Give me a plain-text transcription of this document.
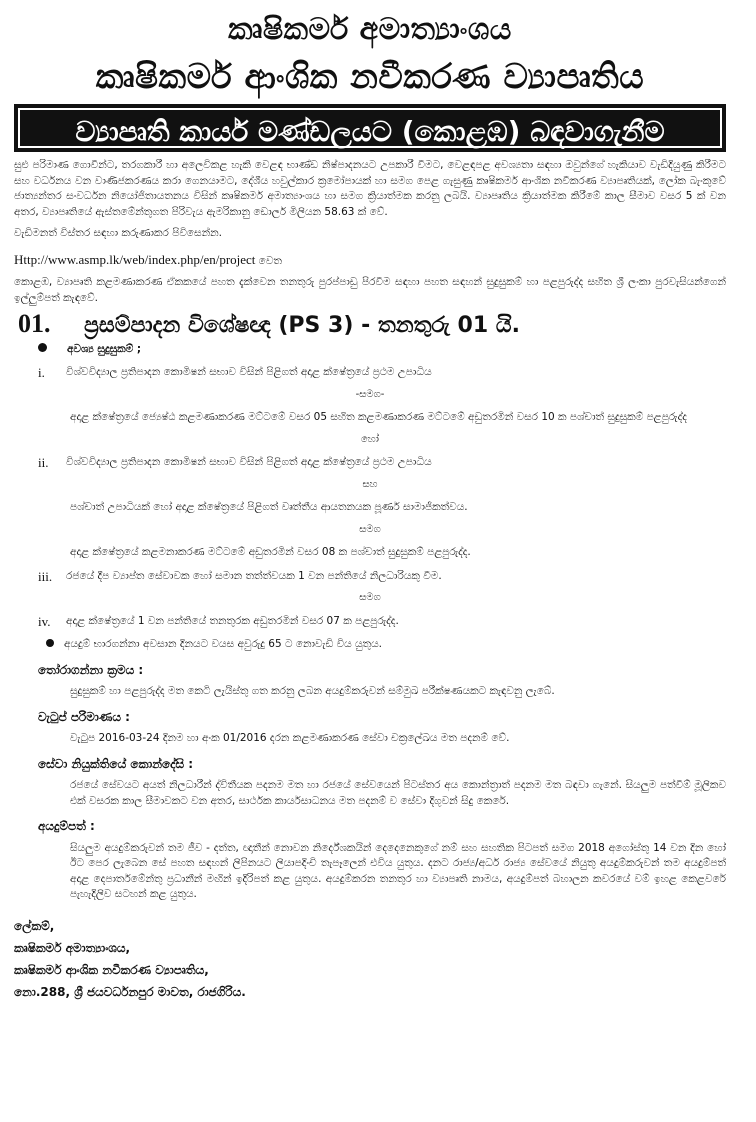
කෘෂිකර්ම අමාත්‍යාංශය
කෘෂිකර්ම ආංශික නවීකරණ ව්‍යාපෘතිය
ව්‍යාපෘති කාර්ය මණ්ඩලයට (කොළඹ) බඳවාගැනීම

සුළු පරිමාණ ගොවීන්ට, තරගකාරී හා අලෙවිකළ හැකි වෙළඳ භාණ්ඩ නිෂ්පාදනයට උපකාරී වීමට, වෙළඳපළ අවශ්‍යතා සඳහා ඔවුන්ගේ හැකියාව වැඩිදියුණු කිරීමට සහ වර්ධනය වන වාණිජකරණය කරා ගෙනයාමට, දේශීය හවුල්කාර ක්‍රමෝපායක් හා සමග පෙළ ගැසුණු කෘෂිකර්ම ආංශික නවීකරණ ව්‍යාපෘතියක්, ලෝක බැංකුවේ ජාත්‍යන්තර සංවර්ධන නියෝජිතායතනය විසින් කෘෂිකර්ම අමාත්‍යාංශය හා සමග ක්‍රියාත්මක කරනු ලබයි. ව්‍යාපෘතිය ක්‍රියාත්මක කිරීමේ කාල සීමාව වසර 5 ක් වන අතර, ව්‍යාපෘතියේ ඇස්තමේන්තුගත පිරිවැය ඇමරිකානු ඩොලර් මිලියන 58.63 ක් වේ.

වැඩිමනත් විස්තර සඳහා කරුණාකර පිවිසෙන්න.

Http://www.asmp.lk/web/index.php/en/project වෙත

කොළඹ, ව්‍යාපෘති කළමණාකරණ ඒකකයේ පහත දැක්වෙන තනතුරු පුරප්පාඩු පිරවීම සඳහා පහත සඳහන් සුදුසුකම් හා පළපුරුද්ද සහිත ශ්‍රී ලංකා පුරවැසියන්ගෙන් ඉල්ලුම්පත් කැඳවේ.

01.	ප්‍රසම්පාදන විශේෂඥ (PS 3) - තනතුරු 01 යි.
අවශ්‍ය සුදුසුකම් ;
i.	විශ්වවිද්‍යාල ප්‍රතිපාදන කොමිෂන් සභාව විසින් පිළිගත් අදාළ ක්ෂේත්‍රයේ ප්‍රථම උපාධිය
-සමග-
අදාළ ක්ෂේත්‍රයේ ජ්‍යෙෂ්ඨ කළමණාකරණ මට්ටමේ වසර 05 සහිත කළමණාකරණ මට්ටමේ අඩුතරමින් වසර 10 ක පශ්චාත් සුදුසුකම් පළපුරුද්ද
හෝ
ii.	විශ්වවිද්‍යාල ප්‍රතිපාදන කොමිෂන් සභාව විසින් පිළිගත් අදාළ ක්ෂේත්‍රයේ ප්‍රථම උපාධිය
සහ
පශ්චාත් උපාධියක් හෝ අදාළ ක්ෂේත්‍රයේ පිළිගත් වෘත්තීය ආයතනයක පූර්ණ සාමාජිකත්වය.
සමග
අදාළ ක්ෂේත්‍රයේ කළමනාකරණ මට්ටමේ අඩුතරමින් වසර 08 ක පශ්චාත් සුදුසුකම් පළපුරුද්ද.
iii.	රජයේ දීප ව්‍යාප්ත සේවාවක හෝ සමාන තත්ත්වයක 1 වන පන්තියේ නිලධාරියකු වීම.
සමග
iv.	අදාළ ක්ෂේත්‍රයේ 1 වන පන්තියේ තනතුරක අඩුතරමින් වසර 07 ක පළපුරුද්ද.
අයදුම් භාරගන්නා අවසාන දිනයට වයස අවුරුදු 65 ට නොවැඩි විය යුතුය.
තෝරාගන්නා ක්‍රමය :

සුදුසුකම් හා පළපුරුද්ද මත කෙටි ලැයිස්තු ගත කරනු ලබන අයදුම්කරුවන් සම්මුඛ පරීක්ෂණයකට කැඳවනු ලැබේ.

වැටුප් පරිමාණය :

වැටුප 2016-03-24 දිනම හා අංක 01/2016 දරන කළමණාකරණ සේවා චක්‍රලේඛය මත පදනම් වේ.

සේවා නියුක්තියේ කොන්දේසි :

රජයේ සේවයට අයත් නිලධාරීන් ද්විතීයක පදනම මත හා රජයේ සේවයෙන් පිටස්තර අය කොන්ත්‍රාත් පදනම මත බඳවා ගැනේ. සියලුම පත්වීම් මූලිකව එක් වසරක කාල සීමාවකට වන අතර, සාර්ථක කාර්යසාධනය මත පදනම් ව සේවා දිගුවන් සිදු කෙරේ.

අයදුම්පත් :

සියලුම අයදුම්කරුවන් තම ජීව - දත්ත, ඥාතීන් නොවන නිර්දේශකයින් දෙදෙනෙකුගේ නම් සහ සහතික පිටපත් සමග 2018 අගෝස්තු 14 වන දින හෝ ඊට පෙර ලැබෙන සේ පහත සඳහන් ලිපිනයට ලියාපදිංචි තැපෑලෙන් එවිය යුතුය. දනට රාජ්‍ය/අර්ධ රාජ්‍ය සේවයේ නියුතු අයදුම්කරුවන් තම අයදුම්පත් අදාළ දෙපාර්තමේන්තු ප්‍රධානීන් මඟින් ඉදිරිපත් කළ යුතුය. අයදුම්කරන තනතුර හා ව්‍යාපෘති නාමය, අයදුම්පත් බහාලන කවරයේ වම් ඉහළ කෙළවරේ පැහැදිලිව සටහන් කළ යුතුය.

ලේකම්,
කෘෂිකර්ම අමාත්‍යාංශය,
කෘෂිකර්ම ආංශික නවීකරණ ව්‍යාපෘතිය,
නො.288, ශ්‍රී ජයවර්ධනපුර මාවත, රාජගිරිය.
